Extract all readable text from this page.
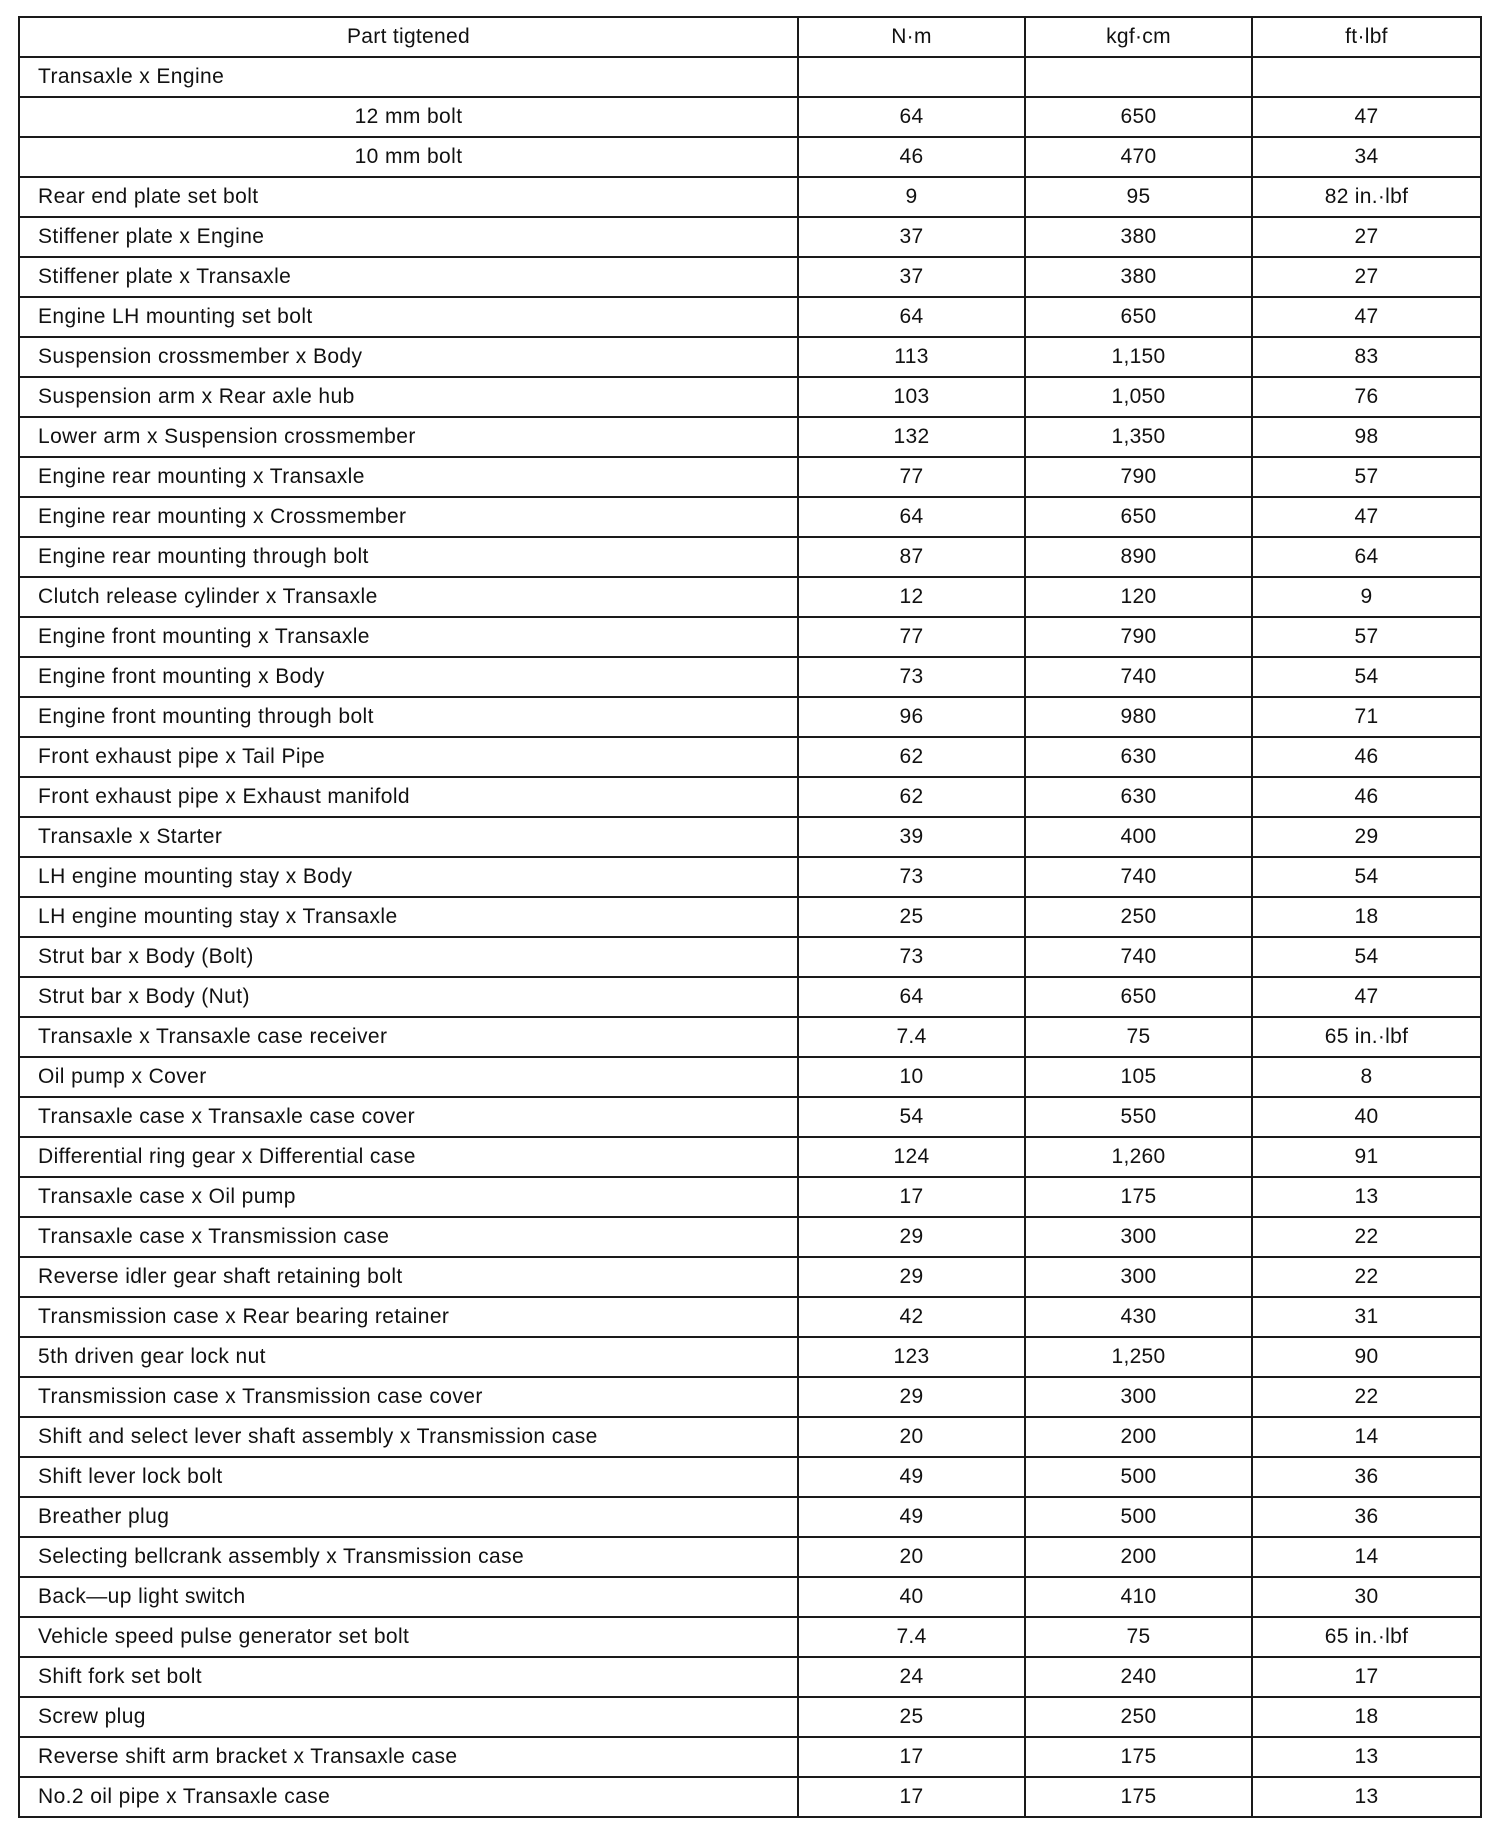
Part tigtened	N·m	kgf·cm	ft·lbf
Transaxle x Engine			
12 mm bolt	64	650	47
10 mm bolt	46	470	34
Rear end plate set bolt	9	95	82 in.·lbf
Stiffener plate x Engine	37	380	27
Stiffener plate x Transaxle	37	380	27
Engine LH mounting set bolt	64	650	47
Suspension crossmember x Body	113	1,150	83
Suspension arm x Rear axle hub	103	1,050	76
Lower arm x Suspension crossmember	132	1,350	98
Engine rear mounting x Transaxle	77	790	57
Engine rear mounting x Crossmember	64	650	47
Engine rear mounting through bolt	87	890	64
Clutch release cylinder x Transaxle	12	120	9
Engine front mounting x Transaxle	77	790	57
Engine front mounting x Body	73	740	54
Engine front mounting through bolt	96	980	71
Front exhaust pipe x Tail Pipe	62	630	46
Front exhaust pipe x Exhaust manifold	62	630	46
Transaxle x Starter	39	400	29
LH engine mounting stay x Body	73	740	54
LH engine mounting stay x Transaxle	25	250	18
Strut bar x Body (Bolt)	73	740	54
Strut bar x Body (Nut)	64	650	47
Transaxle x Transaxle case receiver	7.4	75	65 in.·lbf
Oil pump x Cover	10	105	8
Transaxle case x Transaxle case cover	54	550	40
Differential ring gear x Differential case	124	1,260	91
Transaxle case x Oil pump	17	175	13
Transaxle case x Transmission case	29	300	22
Reverse idler gear shaft retaining bolt	29	300	22
Transmission case x Rear bearing retainer	42	430	31
5th driven gear lock nut	123	1,250	90
Transmission case x Transmission case cover	29	300	22
Shift and select lever shaft assembly x Transmission case	20	200	14
Shift lever lock bolt	49	500	36
Breather plug	49	500	36
Selecting bellcrank assembly x Transmission case	20	200	14
Back—up light switch	40	410	30
Vehicle speed pulse generator set bolt	7.4	75	65 in.·lbf
Shift fork set bolt	24	240	17
Screw plug	25	250	18
Reverse shift arm bracket x Transaxle case	17	175	13
No.2 oil pipe x Transaxle case	17	175	13
